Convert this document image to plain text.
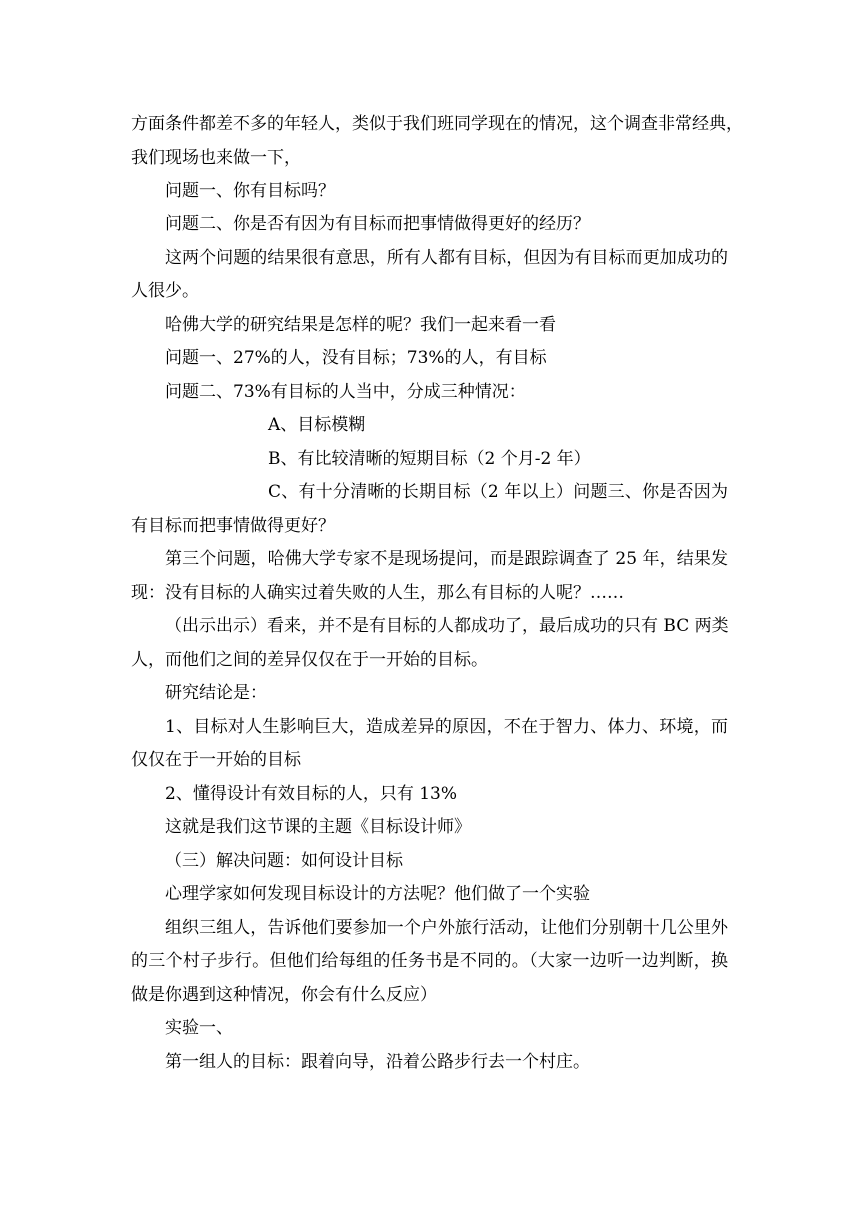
方面条件都差不多的年轻人，类似于我们班同学现在的情况，这个调查非常经典，
我们现场也来做一下，
问题一、你有目标吗？
问题二、你是否有因为有目标而把事情做得更好的经历？
这两个问题的结果很有意思，所有人都有目标，但因为有目标而更加成功的
人很少。
哈佛大学的研究结果是怎样的呢？我们一起来看一看
问题一、27%的人，没有目标；73%的人，有目标
问题二、73%有目标的人当中，分成三种情况：
A、目标模糊
B、有比较清晰的短期目标（2 个月-2 年）
C、有十分清晰的长期目标（2 年以上）问题三、你是否因为
有目标而把事情做得更好？
第三个问题，哈佛大学专家不是现场提问，而是跟踪调查了 25 年，结果发
现：没有目标的人确实过着失败的人生，那么有目标的人呢？……
（出示出示）看来，并不是有目标的人都成功了，最后成功的只有 BC 两类
人，而他们之间的差异仅仅在于一开始的目标。
研究结论是：
1、目标对人生影响巨大，造成差异的原因，不在于智力、体力、环境，而
仅仅在于一开始的目标
2、懂得设计有效目标的人，只有 13%
这就是我们这节课的主题《目标设计师》
（三）解决问题：如何设计目标
心理学家如何发现目标设计的方法呢？他们做了一个实验
组织三组人，告诉他们要参加一个户外旅行活动，让他们分别朝十几公里外
的三个村子步行。但他们给每组的任务书是不同的。（大家一边听一边判断，换
做是你遇到这种情况，你会有什么反应）
实验一、
第一组人的目标：跟着向导，沿着公路步行去一个村庄。
